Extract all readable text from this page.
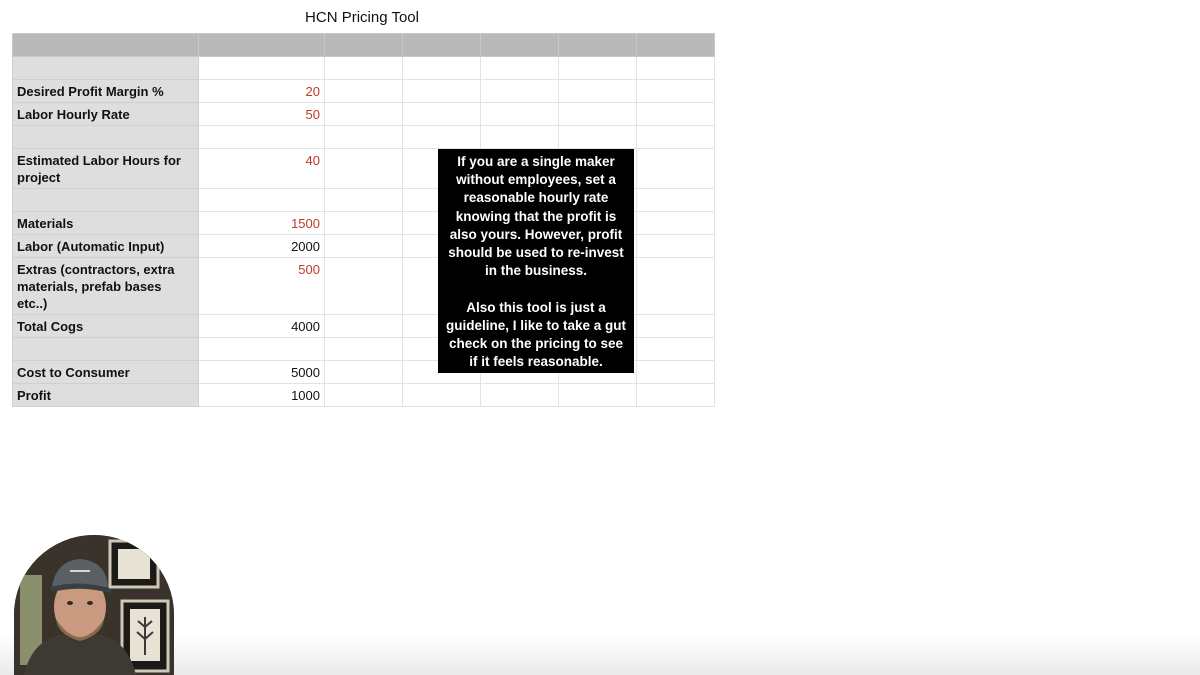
HCN Pricing Tool

Desired Profit Margin %	20					
Labor Hourly Rate	50					

Estimated Labor Hours for project	40					

Materials	1500					
Labor (Automatic Input)	2000					
Extras (contractors, extra materials, prefab bases etc..)	500					
Total Cogs	4000					

Cost to Consumer	5000					
Profit	1000					
If you are a single maker without employees, set a reasonable hourly rate knowing that the profit is also yours. However, profit should be used to re-invest in the business.

Also this tool is just a guideline, I like to take a gut check on the pricing to see if it feels reasonable.
